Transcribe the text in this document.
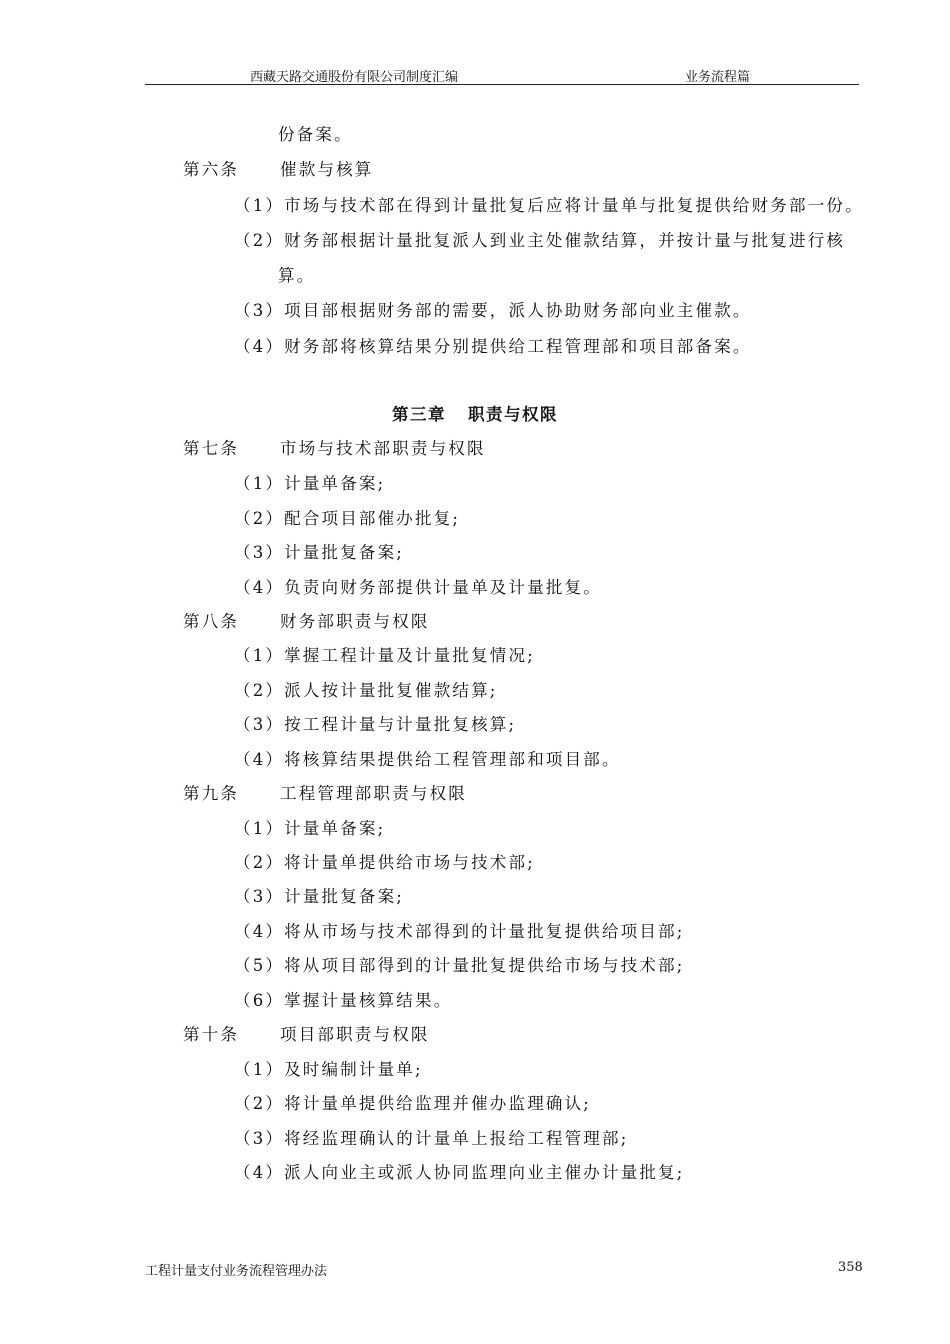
西藏天路交通股份有限公司制度汇编	业务流程篇
份备案。
第六条 催款与核算
（1）市场与技术部在得到计量批复后应将计量单与批复提供给财务部一份。
（2）财务部根据计量批复派人到业主处催款结算，并按计量与批复进行核
算。
（3）项目部根据财务部的需要，派人协助财务部向业主催款。
（4）财务部将核算结果分别提供给工程管理部和项目部备案。
第三章 职责与权限
第七条 市场与技术部职责与权限
（1）计量单备案;
（2）配合项目部催办批复;
（3）计量批复备案;
（4）负责向财务部提供计量单及计量批复。
第八条 财务部职责与权限
（1）掌握工程计量及计量批复情况;
（2）派人按计量批复催款结算;
（3）按工程计量与计量批复核算;
（4）将核算结果提供给工程管理部和项目部。
第九条 工程管理部职责与权限
（1）计量单备案;
（2）将计量单提供给市场与技术部;
（3）计量批复备案;
（4）将从市场与技术部得到的计量批复提供给项目部;
（5）将从项目部得到的计量批复提供给市场与技术部;
（6）掌握计量核算结果。
第十条 项目部职责与权限
（1）及时编制计量单;
（2）将计量单提供给监理并催办监理确认;
（3）将经监理确认的计量单上报给工程管理部;
（4）派人向业主或派人协同监理向业主催办计量批复;
工程计量支付业务流程管理办法	358
